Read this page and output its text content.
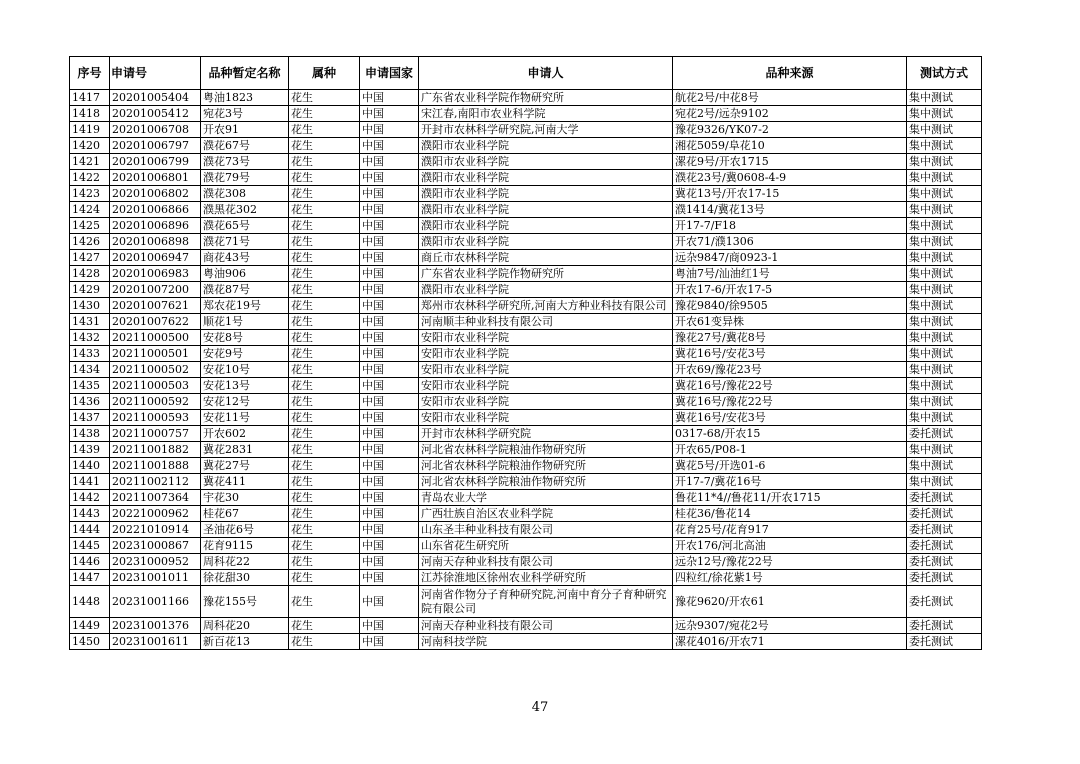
序号	申请号	品种暂定名称	属种	申请国家	申请人	品种来源	测试方式
1417	20201005404	粤油1823	花生	中国	广东省农业科学院作物研究所	航花2号/中花8号	集中测试
1418	20201005412	宛花3号	花生	中国	宋江春,南阳市农业科学院	宛花2号/远杂9102	集中测试
1419	20201006708	开农91	花生	中国	开封市农林科学研究院,河南大学	豫花9326/YK07-2	集中测试
1420	20201006797	濮花67号	花生	中国	濮阳市农业科学院	湘花5059/阜花10	集中测试
1421	20201006799	濮花73号	花生	中国	濮阳市农业科学院	漯花9号/开农1715	集中测试
1422	20201006801	濮花79号	花生	中国	濮阳市农业科学院	濮花23号/冀0608-4-9	集中测试
1423	20201006802	濮花308	花生	中国	濮阳市农业科学院	冀花13号/开农17-15	集中测试
1424	20201006866	濮黑花302	花生	中国	濮阳市农业科学院	濮1414/冀花13号	集中测试
1425	20201006896	濮花65号	花生	中国	濮阳市农业科学院	开17-7/F18	集中测试
1426	20201006898	濮花71号	花生	中国	濮阳市农业科学院	开农71/濮1306	集中测试
1427	20201006947	商花43号	花生	中国	商丘市农林科学院	远杂9847/商0923-1	集中测试
1428	20201006983	粤油906	花生	中国	广东省农业科学院作物研究所	粤油7号/汕油红1号	集中测试
1429	20201007200	濮花87号	花生	中国	濮阳市农业科学院	开农17-6/开农17-5	集中测试
1430	20201007621	郑农花19号	花生	中国	郑州市农林科学研究所,河南大方种业科技有限公司	豫花9840/徐9505	集中测试
1431	20201007622	顺花1号	花生	中国	河南顺丰种业科技有限公司	开农61变异株	集中测试
1432	20211000500	安花8号	花生	中国	安阳市农业科学院	豫花27号/冀花8号	集中测试
1433	20211000501	安花9号	花生	中国	安阳市农业科学院	冀花16号/安花3号	集中测试
1434	20211000502	安花10号	花生	中国	安阳市农业科学院	开农69/豫花23号	集中测试
1435	20211000503	安花13号	花生	中国	安阳市农业科学院	冀花16号/豫花22号	集中测试
1436	20211000592	安花12号	花生	中国	安阳市农业科学院	冀花16号/豫花22号	集中测试
1437	20211000593	安花11号	花生	中国	安阳市农业科学院	冀花16号/安花3号	集中测试
1438	20211000757	开农602	花生	中国	开封市农林科学研究院	0317-68/开农15	委托测试
1439	20211001882	冀花2831	花生	中国	河北省农林科学院粮油作物研究所	开农65/P08-1	集中测试
1440	20211001888	冀花27号	花生	中国	河北省农林科学院粮油作物研究所	冀花5号/开选01-6	集中测试
1441	20211002112	冀花411	花生	中国	河北省农林科学院粮油作物研究所	开17-7/冀花16号	集中测试
1442	20211007364	宇花30	花生	中国	青岛农业大学	鲁花11*4//鲁花11/开农1715	委托测试
1443	20221000962	桂花67	花生	中国	广西壮族自治区农业科学院	桂花36/鲁花14	委托测试
1444	20221010914	圣油花6号	花生	中国	山东圣丰种业科技有限公司	花育25号/花育917	委托测试
1445	20231000867	花育9115	花生	中国	山东省花生研究所	开农176/河北高油	委托测试
1446	20231000952	周科花22	花生	中国	河南天存种业科技有限公司	远杂12号/豫花22号	委托测试
1447	20231001011	徐花甜30	花生	中国	江苏徐淮地区徐州农业科学研究所	四粒红/徐花紫1号	委托测试
1448	20231001166	豫花155号	花生	中国	河南省作物分子育种研究院,河南中育分子育种研究院有限公司	豫花9620/开农61	委托测试
1449	20231001376	周科花20	花生	中国	河南天存种业科技有限公司	远杂9307/宛花2号	委托测试
1450	20231001611	新百花13	花生	中国	河南科技学院	漯花4016/开农71	委托测试
47
